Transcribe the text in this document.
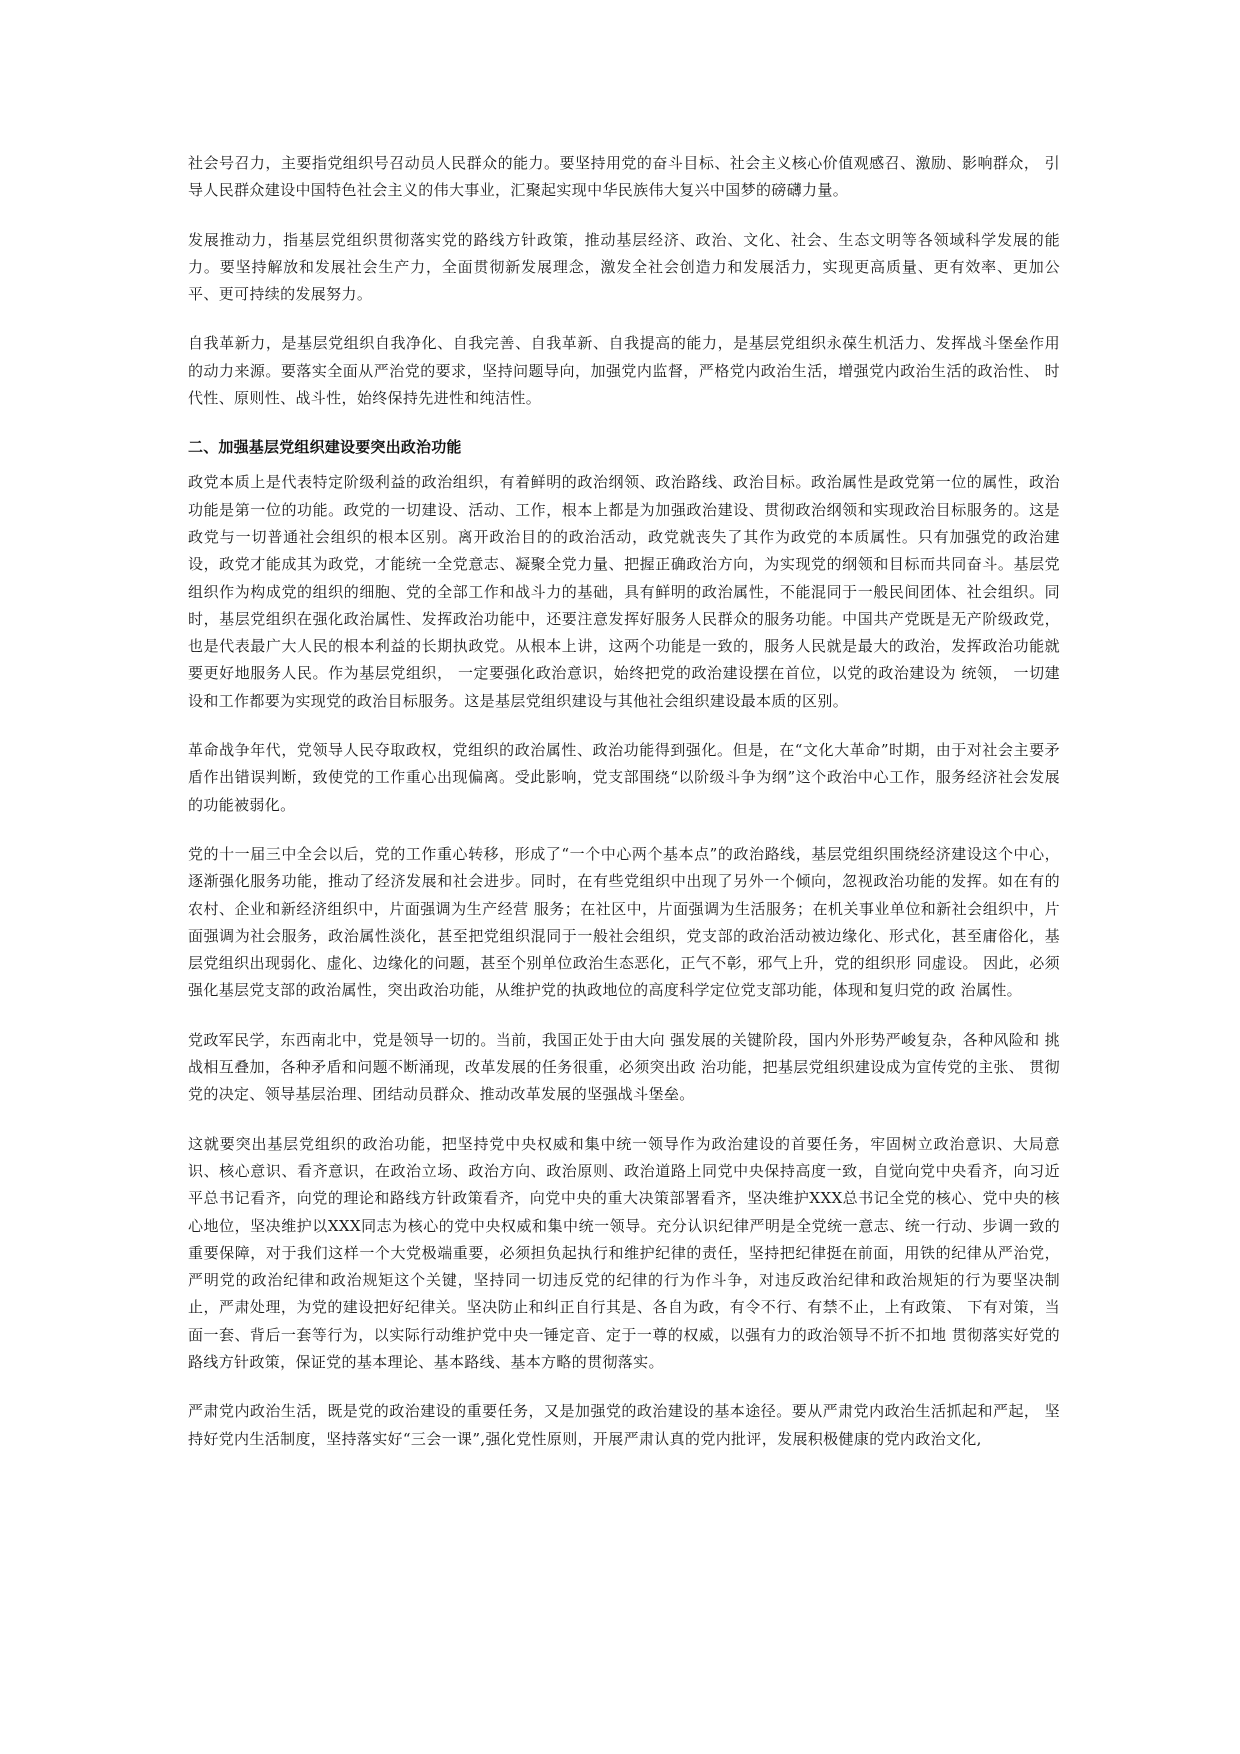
社会号召力，主要指党组织号召动员人民群众的能力。要坚持用党的奋斗目标、社会主义核心价值观感召、激励、影响群众， 引导人民群众建设中国特色社会主义的伟大事业，汇聚起实现中华民族伟大复兴中国梦的磅礴力量。

发展推动力，指基层党组织贯彻落实党的路线方针政策，推动基层经济、政治、文化、社会、生态文明等各领域科学发展的能力。要坚持解放和发展社会生产力，全面贯彻新发展理念，激发全社会创造力和发展活力，实现更高质量、更有效率、更加公 平、更可持续的发展努力。

自我革新力，是基层党组织自我净化、自我完善、自我革新、自我提高的能力，是基层党组织永葆生机活力、发挥战斗堡垒作用的动力来源。要落实全面从严治党的要求，坚持问题导向，加强党内监督，严格党内政治生活，增强党内政治生活的政治性、 时代性、原则性、战斗性，始终保持先进性和纯洁性。

二、加强基层党组织建设要突出政治功能

政党本质上是代表特定阶级利益的政治组织，有着鲜明的政治纲领、政治路线、政治目标。政治属性是政党第一位的属性，政治功能是第一位的功能。政党的一切建设、活动、工作，根本上都是为加强政治建设、贯彻政治纲领和实现政治目标服务的。这是政党与一切普通社会组织的根本区别。离开政治目的的政治活动，政党就丧失了其作为政党的本质属性。只有加强党的政治建设，政党才能成其为政党，才能统一全党意志、凝聚全党力量、把握正确政治方向，为实现党的纲领和目标而共同奋斗。基层党组织作为构成党的组织的细胞、党的全部工作和战斗力的基础，具有鲜明的政治属性，不能混同于一般民间团体、社会组织。同时，基层党组织在强化政治属性、发挥政治功能中，还要注意发挥好服务人民群众的服务功能。中国共产党既是无产阶级政党，也是代表最广大人民的根本利益的长期执政党。从根本上讲，这两个功能是一致的，服务人民就是最大的政治，发挥政治功能就要更好地服务人民。作为基层党组织， 一定要强化政治意识，始终把党的政治建设摆在首位，以党的政治建设为 统领， 一切建设和工作都要为实现党的政治目标服务。这是基层党组织建设与其他社会组织建设最本质的区别。

革命战争年代，党领导人民夺取政权，党组织的政治属性、政治功能得到强化。但是，在“文化大革命”时期，由于对社会主要矛盾作出错误判断，致使党的工作重心出现偏离。受此影响，党支部围绕“以阶级斗争为纲”这个政治中心工作，服务经济社会发展的功能被弱化。

党的十一届三中全会以后，党的工作重心转移，形成了“一个中心两个基本点”的政治路线，基层党组织围绕经济建设这个中心，逐渐强化服务功能，推动了经济发展和社会进步。同时，在有些党组织中出现了另外一个倾向，忽视政治功能的发挥。如在有的农村、企业和新经济组织中，片面强调为生产经营 服务；在社区中，片面强调为生活服务；在机关事业单位和新社会组织中，片面强调为社会服务，政治属性淡化，甚至把党组织混同于一般社会组织，党支部的政治活动被边缘化、形式化，甚至庸俗化，基层党组织出现弱化、虚化、边缘化的问题，甚至个别单位政治生态恶化，正气不彰，邪气上升，党的组织形 同虚设。 因此，必须强化基层党支部的政治属性，突出政治功能，从维护党的执政地位的高度科学定位党支部功能，体现和复归党的政 治属性。

党政军民学，东西南北中，党是领导一切的。当前，我国正处于由大向 强发展的关键阶段，国内外形势严峻复杂，各种风险和 挑战相互叠加，各种矛盾和问题不断涌现，改革发展的任务很重，必须突出政 治功能，把基层党组织建设成为宣传党的主张、 贯彻党的决定、领导基层治理、团结动员群众、推动改革发展的坚强战斗堡垒。

这就要突出基层党组织的政治功能，把坚持党中央权威和集中统一领导作为政治建设的首要任务，牢固树立政治意识、大局意识、核心意识、看齐意识，在政治立场、政治方向、政治原则、政治道路上同党中央保持高度一致，自觉向党中央看齐，向习近平总书记看齐，向党的理论和路线方针政策看齐，向党中央的重大决策部署看齐，坚决维护XXX总书记全党的核心、党中央的核心地位，坚决维护以XXX同志为核心的党中央权威和集中统一领导。充分认识纪律严明是全党统一意志、统一行动、步调一致的重要保障，对于我们这样一个大党极端重要，必须担负起执行和维护纪律的责任，坚持把纪律挺在前面，用铁的纪律从严治党，严明党的政治纪律和政治规矩这个关键，坚持同一切违反党的纪律的行为作斗争，对违反政治纪律和政治规矩的行为要坚决制止，严肃处理，为党的建设把好纪律关。坚决防止和纠正自行其是、各自为政，有令不行、有禁不止，上有政策、 下有对策，当面一套、背后一套等行为，以实际行动维护党中央一锤定音、定于一尊的权威，以强有力的政治领导不折不扣地 贯彻落实好党的路线方针政策，保证党的基本理论、基本路线、基本方略的贯彻落实。

严肃党内政治生活，既是党的政治建设的重要任务，又是加强党的政治建设的基本途径。要从严肃党内政治生活抓起和严起， 坚持好党内生活制度，坚持落实好“三会一课”,强化党性原则，开展严肃认真的党内批评，发展积极健康的党内政治文化,
